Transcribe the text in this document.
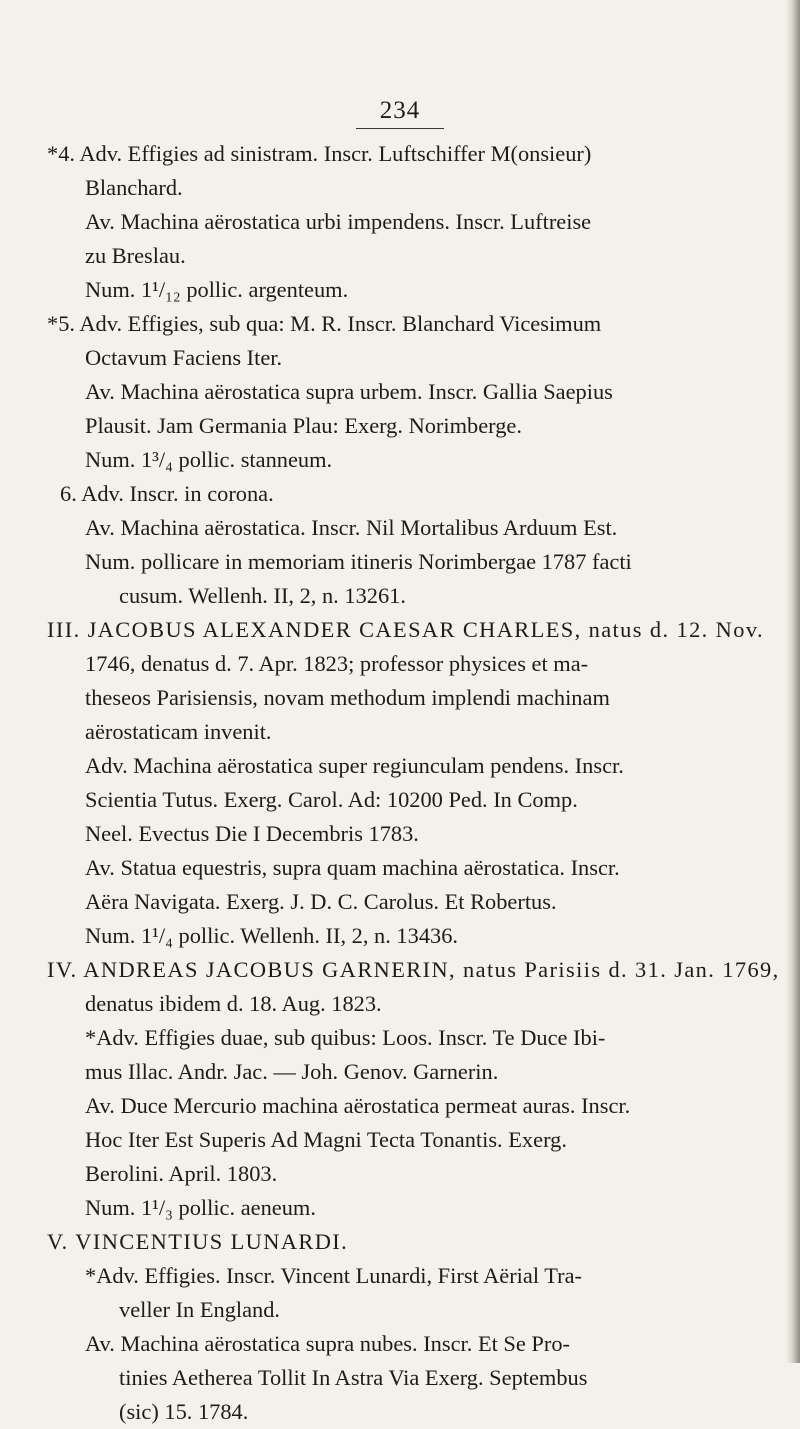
234
*4. Adv. Effigies ad sinistram. Inscr. Luftschiffer M(onsieur)
Blanchard.
Av. Machina aërostatica urbi impendens. Inscr. Luftreise
zu Breslau.
Num. 1¹/₁₂ pollic. argenteum.
*5. Adv. Effigies, sub qua: M. R. Inscr. Blanchard Vicesimum
Octavum Faciens Iter.
Av. Machina aërostatica supra urbem. Inscr. Gallia Saepius
Plausit. Jam Germania Plau: Exerg. Norimberge.
Num. 1³/₄ pollic. stanneum.
6. Adv. Inscr. in corona.
Av. Machina aërostatica. Inscr. Nil Mortalibus Arduum Est.
Num. pollicare in memoriam itineris Norimbergae 1787 facti
cusum. Wellenh. II, 2, n. 13261.
III. JACOBUS ALEXANDER CAESAR CHARLES, natus d. 12. Nov.
1746, denatus d. 7. Apr. 1823; professor physices et ma-
theseos Parisiensis, novam methodum implendi machinam
aërostaticam invenit.
Adv. Machina aërostatica super regiunculam pendens. Inscr.
Scientia Tutus. Exerg. Carol. Ad: 10200 Ped. In Comp.
Neel. Evectus Die I Decembris 1783.
Av. Statua equestris, supra quam machina aërostatica. Inscr.
Aëra Navigata. Exerg. J. D. C. Carolus. Et Robertus.
Num. 1¹/₄ pollic. Wellenh. II, 2, n. 13436.
IV. ANDREAS JACOBUS GARNERIN, natus Parisiis d. 31. Jan. 1769,
denatus ibidem d. 18. Aug. 1823.
*Adv. Effigies duae, sub quibus: Loos. Inscr. Te Duce Ibi-
mus Illac. Andr. Jac. — Joh. Genov. Garnerin.
Av. Duce Mercurio machina aërostatica permeat auras. Inscr.
Hoc Iter Est Superis Ad Magni Tecta Tonantis. Exerg.
Berolini. April. 1803.
Num. 1¹/₃ pollic. aeneum.
V. VINCENTIUS LUNARDI.
*Adv. Effigies. Inscr. Vincent Lunardi, First Aërial Tra-
veller In England.
Av. Machina aërostatica supra nubes. Inscr. Et Se Pro-
tinies Aetherea Tollit In Astra Via Exerg. Septembus
(sic) 15. 1784.
